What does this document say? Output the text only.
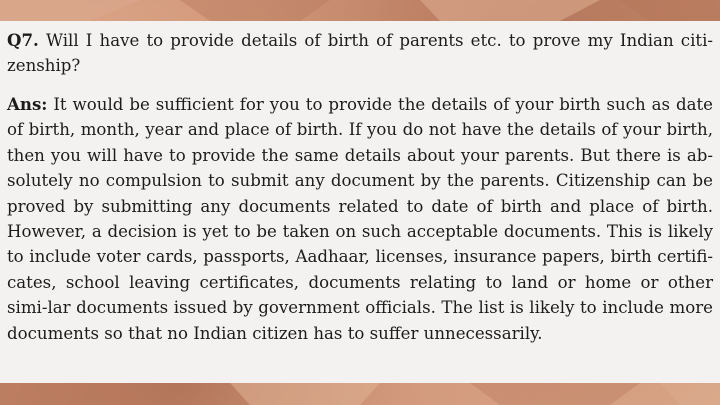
Q7. Will I have to provide details of birth of parents etc. to prove my Indian citi-zenship?

Ans: It would be sufficient for you to provide the details of your birth such as date of birth, month, year and place of birth. If you do not have the details of your birth, then you will have to provide the same details about your parents. But there is ab-solutely no compulsion to submit any document by the parents. Citizenship can be proved by submitting any documents related to date of birth and place of birth. However, a decision is yet to be taken on such acceptable documents. This is likely to include voter cards, passports, Aadhaar, licenses, insurance papers, birth certifi-cates, school leaving certificates, documents relating to land or home or other simi-lar documents issued by government officials. The list is likely to include more documents so that no Indian citizen has to suffer unnecessarily.
